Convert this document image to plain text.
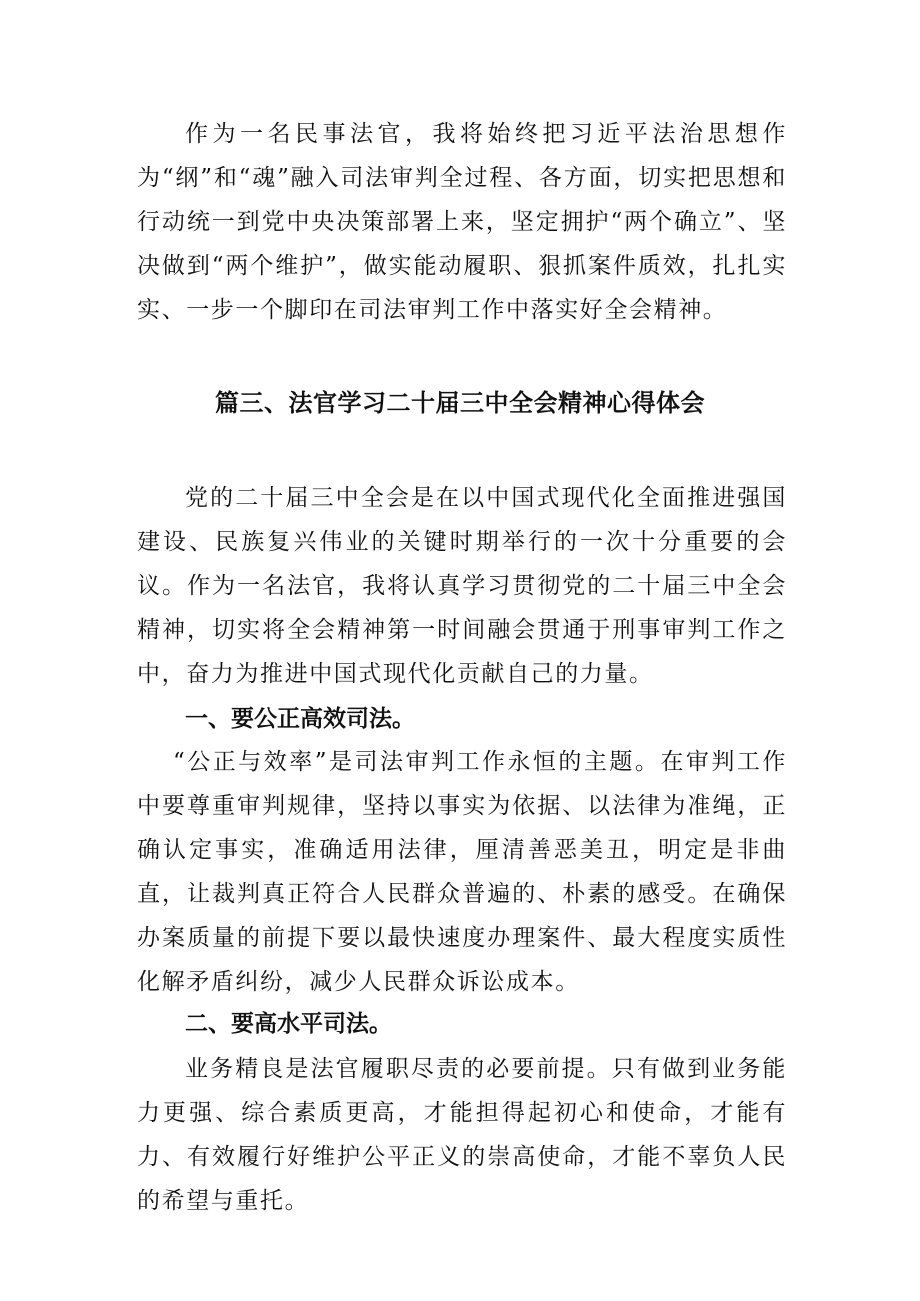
作为一名民事法官，我将始终把习近平法治思想作为“纲”和“魂”融入司法审判全过程、各方面，切实把思想和行动统一到党中央决策部署上来，坚定拥护“两个确立”、坚决做到“两个维护”，做实能动履职、狠抓案件质效，扎扎实实、一步一个脚印在司法审判工作中落实好全会精神。

篇三、法官学习二十届三中全会精神心得体会

党的二十届三中全会是在以中国式现代化全面推进强国建设、民族复兴伟业的关键时期举行的一次十分重要的会议。作为一名法官，我将认真学习贯彻党的二十届三中全会精神，切实将全会精神第一时间融会贯通于刑事审判工作之中，奋力为推进中国式现代化贡献自己的力量。

一、要公正高效司法。

“公正与效率”是司法审判工作永恒的主题。在审判工作中要尊重审判规律，坚持以事实为依据、以法律为准绳，正确认定事实，准确适用法律，厘清善恶美丑，明定是非曲直，让裁判真正符合人民群众普遍的、朴素的感受。在确保办案质量的前提下要以最快速度办理案件、最大程度实质性化解矛盾纠纷，减少人民群众诉讼成本。

二、要高水平司法。

业务精良是法官履职尽责的必要前提。只有做到业务能力更强、综合素质更高，才能担得起初心和使命，才能有力、有效履行好维护公平正义的崇高使命，才能不辜负人民的希望与重托。
